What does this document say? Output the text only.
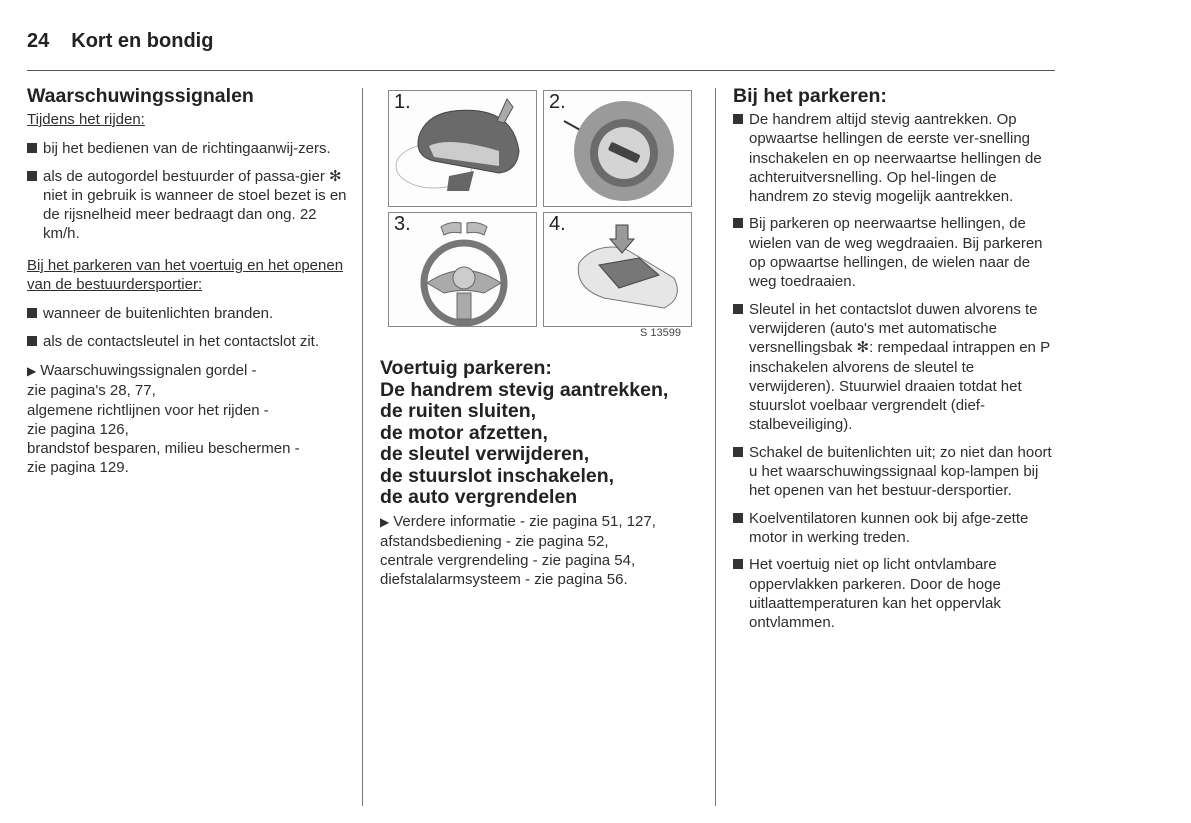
24 Kort en bondig
Waarschuwingssignalen

Tijdens het rijden:

bij het bedienen van de richtingaanwij-zers.

als de autogordel bestuurder of passa-gier ✻ niet in gebruik is wanneer de stoel bezet is en de rijsnelheid meer bedraagt dan ong. 22 km/h.

Bij het parkeren van het voertuig en het openen van de bestuurdersportier:

wanneer de buitenlichten branden.

als de contactsleutel in het contactslot zit.

▶ Waarschuwingssignalen gordel -
zie pagina's 28, 77,
algemene richtlijnen voor het rijden -
zie pagina 126,
brandstof besparen, milieu beschermen -
zie pagina 129.

1.	2.
3.	4.
S 13599
Voertuig parkeren:
De handrem stevig aantrekken,
de ruiten sluiten,
de motor afzetten,
de sleutel verwijderen,
de stuurslot inschakelen,
de auto vergrendelen

▶ Verdere informatie - zie pagina 51, 127,
afstandsbediening - zie pagina 52,
centrale vergrendeling - zie pagina 54,
diefstalalarmsysteem - zie pagina 56.

Bij het parkeren:

De handrem altijd stevig aantrekken. Op opwaartse hellingen de eerste ver-snelling inschakelen en op neerwaartse hellingen de achteruitversnelling. Op hel-lingen de handrem zo stevig mogelijk aantrekken.

Bij parkeren op neerwaartse hellingen, de wielen van de weg wegdraaien. Bij parkeren op opwaartse hellingen, de wielen naar de weg toedraaien.

Sleutel in het contactslot duwen alvorens te verwijderen (auto's met automatische versnellingsbak ✻: rempedaal intrappen en P inschakelen alvorens de sleutel te verwijderen). Stuurwiel draaien totdat het stuurslot voelbaar vergrendelt (dief-stalbeveiliging).

Schakel de buitenlichten uit; zo niet dan hoort u het waarschuwingssignaal kop-lampen bij het openen van het bestuur-dersportier.

Koelventilatoren kunnen ook bij afge-zette motor in werking treden.

Het voertuig niet op licht ontvlambare oppervlakken parkeren. Door de hoge uitlaattemperaturen kan het oppervlak ontvlammen.
